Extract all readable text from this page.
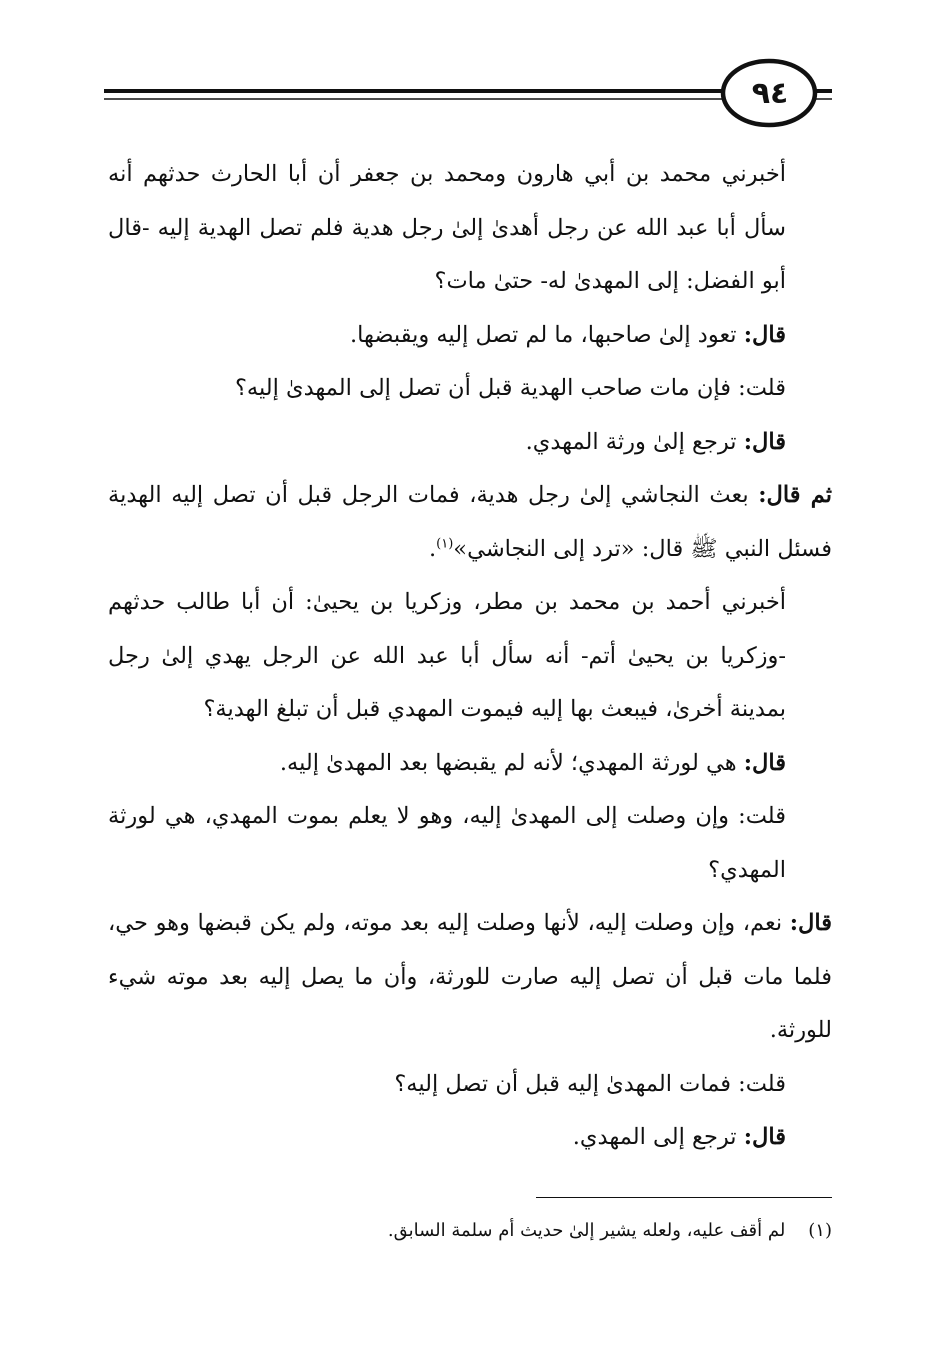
٩٤

أخبرني محمد بن أبي هارون ومحمد بن جعفر أن أبا الحارث حدثهم أنه سأل أبا عبد الله عن رجل أهدىٰ إلىٰ رجل هدية فلم تصل الهدية إليه -قال أبو الفضل: إلى المهدىٰ له- حتىٰ مات؟

قال: تعود إلىٰ صاحبها، ما لم تصل إليه ويقبضها.

قلت: فإن مات صاحب الهدية قبل أن تصل إلى المهدىٰ إليه؟

قال: ترجع إلىٰ ورثة المهدي.

ثم قال: بعث النجاشي إلىٰ رجل هدية، فمات الرجل قبل أن تصل إليه الهدية فسئل النبي ﷺ قال: «ترد إلى النجاشي»$^{(١)}$.

أخبرني أحمد بن محمد بن مطر، وزكريا بن يحيىٰ: أن أبا طالب حدثهم -وزكريا بن يحيىٰ أتم- أنه سأل أبا عبد الله عن الرجل يهدي إلىٰ رجل بمدينة أخرىٰ، فيبعث بها إليه فيموت المهدي قبل أن تبلغ الهدية؟

قال: هي لورثة المهدي؛ لأنه لم يقبضها بعد المهدىٰ إليه.

قلت: وإن وصلت إلى المهدىٰ إليه، وهو لا يعلم بموت المهدي، هي لورثة المهدي؟

قال: نعم، وإن وصلت إليه، لأنها وصلت إليه بعد موته، ولم يكن قبضها وهو حي، فلما مات قبل أن تصل إليه صارت للورثة، وأن ما يصل إليه بعد موته شيء للورثة.

قلت: فمات المهدىٰ إليه قبل أن تصل إليه؟

قال: ترجع إلى المهدي.

(١)    لم أقف عليه، ولعله يشير إلىٰ حديث أم سلمة السابق.
